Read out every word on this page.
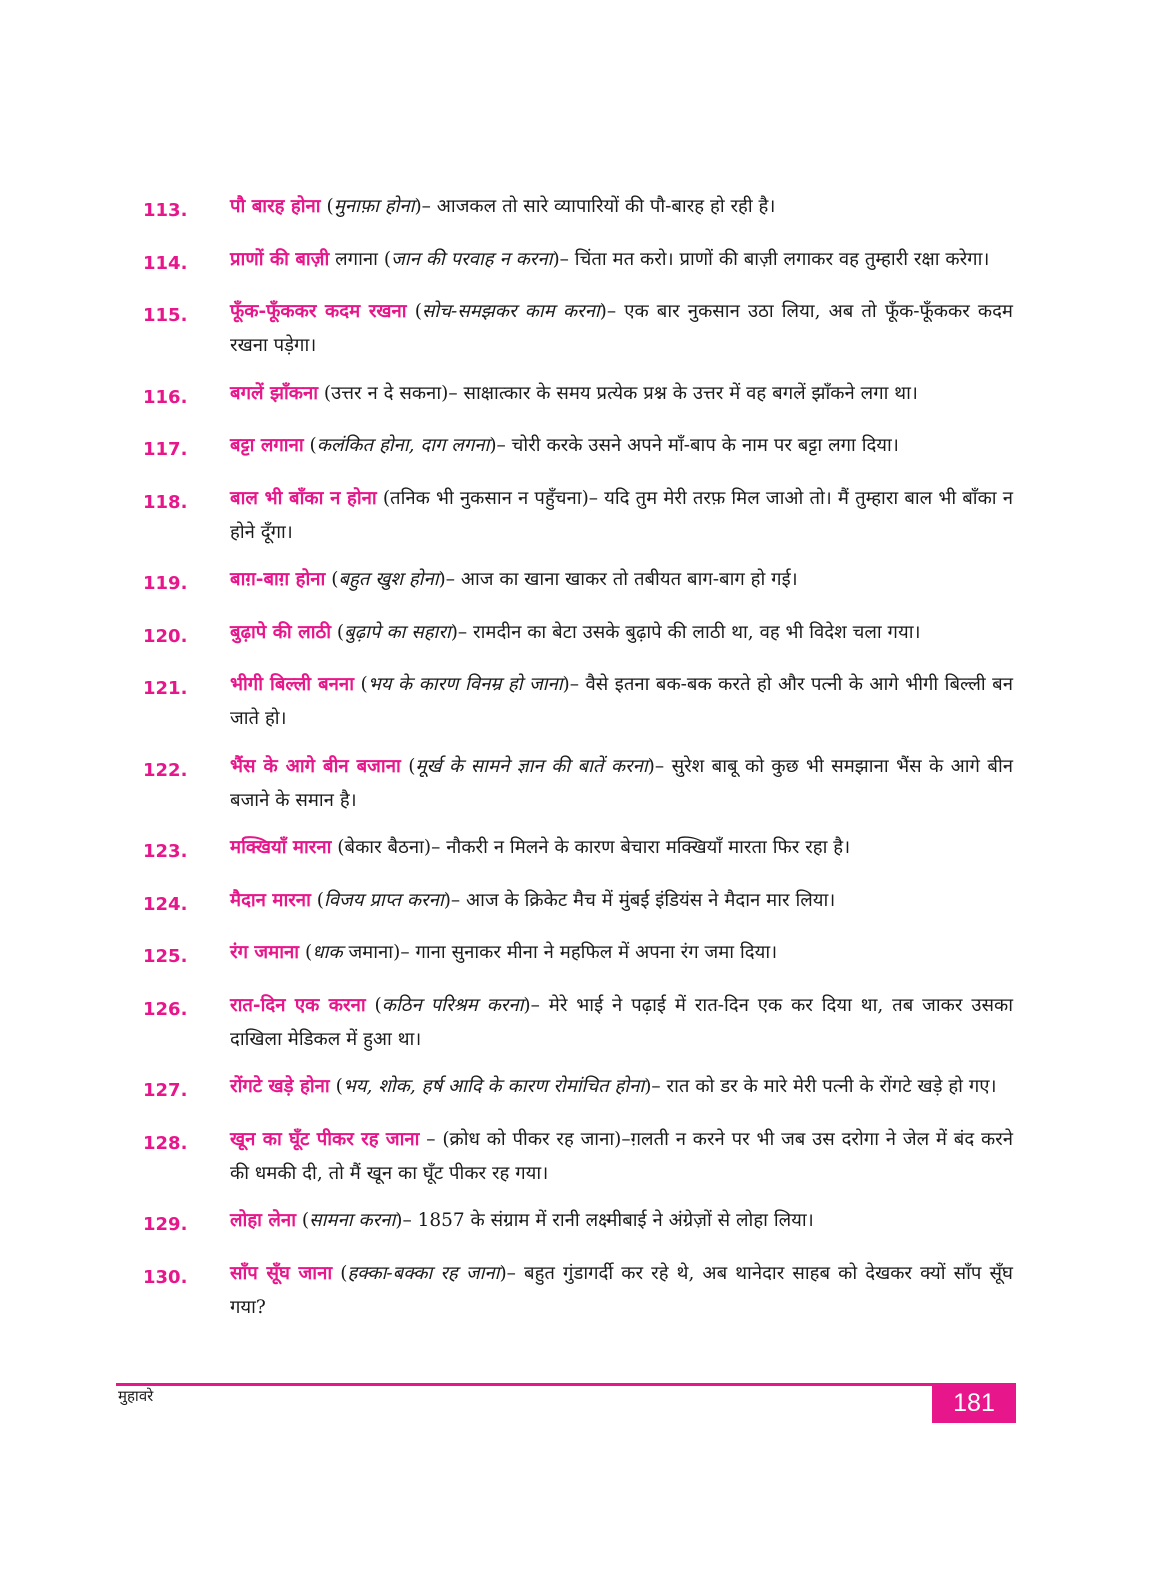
113.	पौ बारह होना (मुनाफ़ा होना)– आजकल तो सारे व्यापारियों की पौ-बारह हो रही है।
114.	प्राणों की बाज़ी लगाना (जान की परवाह न करना)– चिंता मत करो। प्राणों की बाज़ी लगाकर वह तुम्हारी रक्षा करेगा।
115.	फूँक-फूँककर कदम रखना (सोच-समझकर काम करना)– एक बार नुकसान उठा लिया, अब तो फूँक-फूँककर कदम रखना पड़ेगा।
116.	बगलें झाँकना (उत्तर न दे सकना)– साक्षात्कार के समय प्रत्येक प्रश्न के उत्तर में वह बगलें झाँकने लगा था।
117.	बट्टा लगाना (कलंकित होना, दाग लगना)– चोरी करके उसने अपने माँ-बाप के नाम पर बट्टा लगा दिया।
118.	बाल भी बाँका न होना (तनिक भी नुकसान न पहुँचना)– यदि तुम मेरी तरफ़ मिल जाओ तो। मैं तुम्हारा बाल भी बाँका न होने दूँगा।
119.	बाग़-बाग़ होना (बहुत खुश होना)– आज का खाना खाकर तो तबीयत बाग-बाग हो गई।
120.	बुढ़ापे की लाठी (बुढ़ापे का सहारा)– रामदीन का बेटा उसके बुढ़ापे की लाठी था, वह भी विदेश चला गया।
121.	भीगी बिल्ली बनना (भय के कारण विनम्र हो जाना)– वैसे इतना बक-बक करते हो और पत्नी के आगे भीगी बिल्ली बन जाते हो।
122.	भैंस के आगे बीन बजाना (मूर्ख के सामने ज्ञान की बातें करना)– सुरेश बाबू को कुछ भी समझाना भैंस के आगे बीन बजाने के समान है।
123.	मक्खियाँ मारना (बेकार बैठना)– नौकरी न मिलने के कारण बेचारा मक्खियाँ मारता फिर रहा है।
124.	मैदान मारना (विजय प्राप्त करना)– आज के क्रिकेट मैच में मुंबई इंडियंस ने मैदान मार लिया।
125.	रंग जमाना (धाक जमाना)– गाना सुनाकर मीना ने महफिल में अपना रंग जमा दिया।
126.	रात-दिन एक करना (कठिन परिश्रम करना)– मेरे भाई ने पढ़ाई में रात-दिन एक कर दिया था, तब जाकर उसका दाखिला मेडिकल में हुआ था।
127.	रोंगटे खड़े होना (भय, शोक, हर्ष आदि के कारण रोमांचित होना)– रात को डर के मारे मेरी पत्नी के रोंगटे खड़े हो गए।
128.	खून का घूँट पीकर रह जाना – (क्रोध को पीकर रह जाना)–ग़लती न करने पर भी जब उस दरोगा ने जेल में बंद करने की धमकी दी, तो मैं खून का घूँट पीकर रह गया।
129.	लोहा लेना (सामना करना)– 1857 के संग्राम में रानी लक्ष्मीबाई ने अंग्रेज़ों से लोहा लिया।
130.	साँप सूँघ जाना (हक्का-बक्का रह जाना)– बहुत गुंडागर्दी कर रहे थे, अब थानेदार साहब को देखकर क्यों साँप सूँघ गया?
मुहावरे	181
